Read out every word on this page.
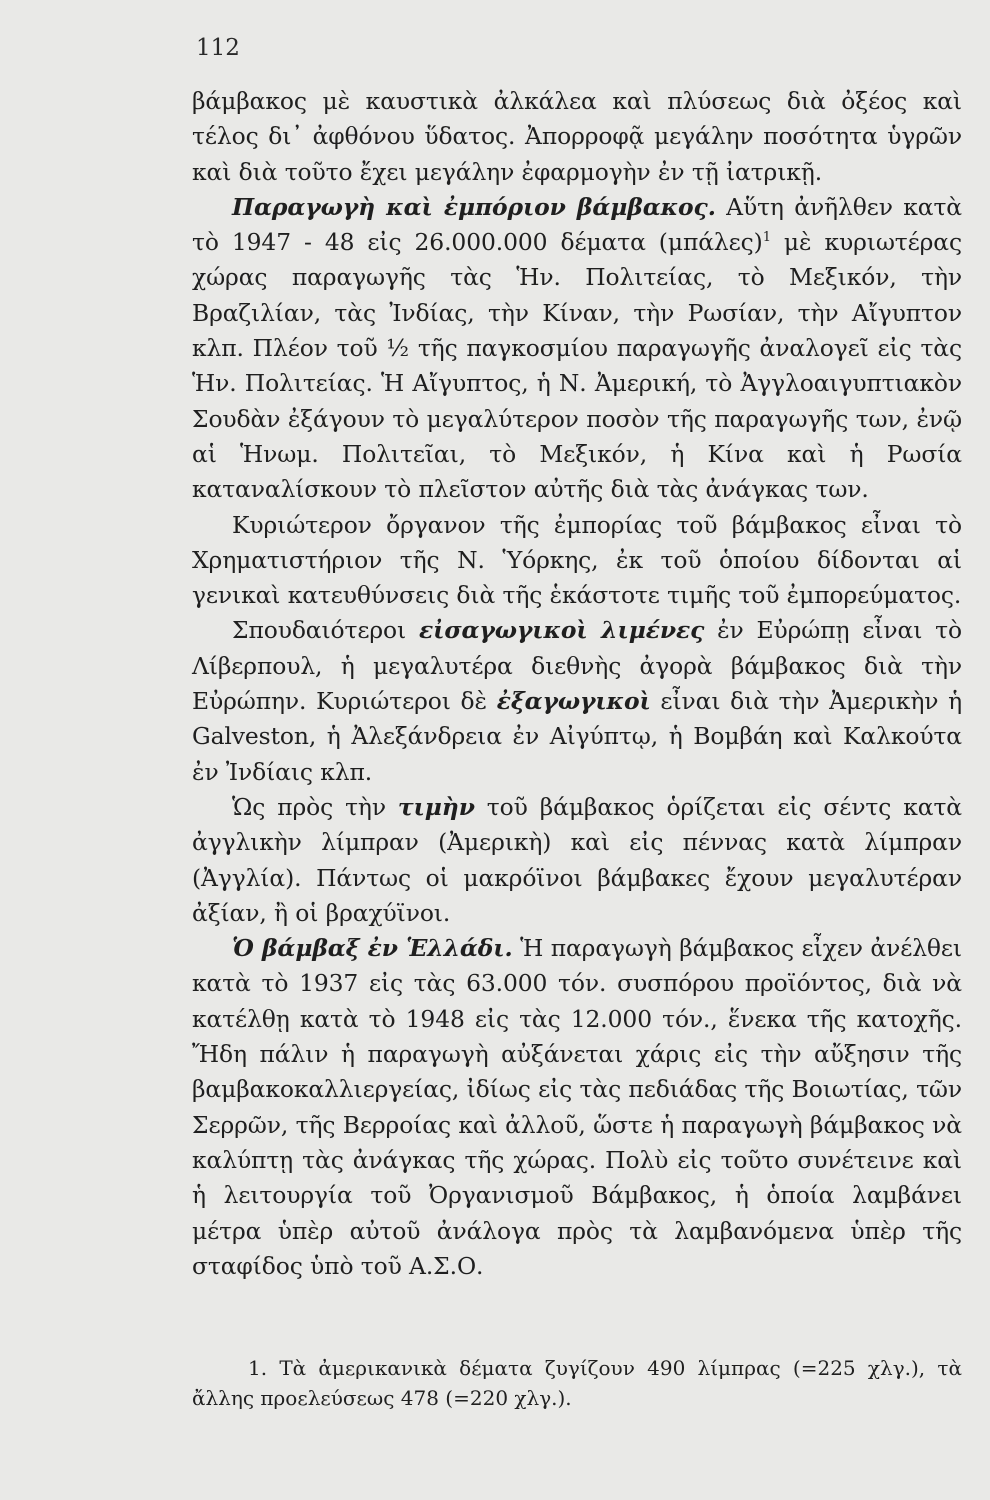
112

βάμβακος μὲ καυστικὰ ἀλκάλεα καὶ πλύσεως διὰ ὀξέος καὶ τέλος δι᾽ ἀφθόνου ὕδατος. Ἀπορροφᾷ μεγάλην ποσότητα ὑγρῶν καὶ διὰ τοῦτο ἔχει μεγάλην ἐφαρμογὴν ἐν τῇ ἰατρικῇ.

Παραγωγὴ καὶ ἐμπόριον βάμβακος. Αὕτη ἀνῆλθεν κατὰ τὸ 1947 - 48 εἰς 26.000.000 δέματα $(\mu\pi ά\lambda\varepsilon\varsigma)^1$ μὲ κυριωτέρας χώρας παραγωγῆς τὰς Ἡν. Πολιτείας, τὸ Μεξικόν, τὴν Βραζιλίαν, τὰς Ἰνδίας, τὴν Κίναν, τὴν Ρωσίαν, τὴν Αἴγυπτον κλπ. Πλέον τοῦ ½ τῆς παγκοσμίου παραγωγῆς ἀναλογεῖ εἰς τὰς Ἡν. Πολιτείας. Ἡ Αἴγυπτος, ἡ Ν. Ἀμερική, τὸ Ἀγγλοαιγυπτιακὸν Σουδὰν ἐξάγουν τὸ μεγαλύτερον ποσὸν τῆς παραγωγῆς των, ἐνῷ αἱ Ἡνωμ. Πολιτεῖαι, τὸ Μεξικόν, ἡ Κίνα καὶ ἡ Ρωσία καταναλίσκουν τὸ πλεῖστον αὐτῆς διὰ τὰς ἀνάγκας των.

Κυριώτερον ὄργανον τῆς ἐμπορίας τοῦ βάμβακος εἶναι τὸ Χρηματιστήριον τῆς Ν. Ὑόρκης, ἐκ τοῦ ὁποίου δίδονται αἱ γενικαὶ κατευθύνσεις διὰ τῆς ἑκάστοτε τιμῆς τοῦ ἐμπορεύματος.

Σπουδαιότεροι εἰσαγωγικοὶ λιμένες ἐν Εὐρώπῃ εἶναι τὸ Λίβερπουλ, ἡ μεγαλυτέρα διεθνὴς ἀγορὰ βάμβακος διὰ τὴν Εὐρώπην. Κυριώτεροι δὲ ἐξαγωγικοὶ εἶναι διὰ τὴν Ἀμερικὴν ἡ Galveston, ἡ Ἀλεξάνδρεια ἐν Αἰγύπτῳ, ἡ Βομβάη καὶ Καλκούτα ἐν Ἰνδίαις κλπ.

Ὡς πρὸς τὴν τιμὴν τοῦ βάμβακος ὁρίζεται εἰς σέντς κατὰ ἀγγλικὴν λίμπραν (Ἀμερικὴ) καὶ εἰς πέννας κατὰ λίμπραν (Ἀγγλία). Πάντως οἱ μακρόϊνοι βάμβακες ἔχουν μεγαλυτέραν ἀξίαν, ἢ οἱ βραχύϊνοι.

Ὁ βάμβαξ ἐν Ἑλλάδι. Ἡ παραγωγὴ βάμβακος εἶχεν ἀνέλθει κατὰ τὸ 1937 εἰς τὰς 63.000 τόν. συσπόρου προϊόντος, διὰ νὰ κατέλθῃ κατὰ τὸ 1948 εἰς τὰς 12.000 τόν., ἕνεκα τῆς κατοχῆς. Ἤδη πάλιν ἡ παραγωγὴ αὐξάνεται χάρις εἰς τὴν αὔξησιν τῆς βαμβακοκαλλιεργείας, ἰδίως εἰς τὰς πεδιάδας τῆς Βοιωτίας, τῶν Σερρῶν, τῆς Βερροίας καὶ ἀλλοῦ, ὥστε ἡ παραγωγὴ βάμβακος νὰ καλύπτῃ τὰς ἀνάγκας τῆς χώρας. Πολὺ εἰς τοῦτο συνέτεινε καὶ ἡ λειτουργία τοῦ Ὀργανισμοῦ Βάμβακος, ἡ ὁποία λαμβάνει μέτρα ὑπὲρ αὐτοῦ ἀνάλογα πρὸς τὰ λαμβανόμενα ὑπὲρ τῆς σταφίδος ὑπὸ τοῦ Α.Σ.Ο.

1. Τὰ ἀμερικανικὰ δέματα ζυγίζουν 490 λίμπρας (=225 χλγ.), τὰ ἄλλης προελεύσεως 478 (=220 χλγ.).
